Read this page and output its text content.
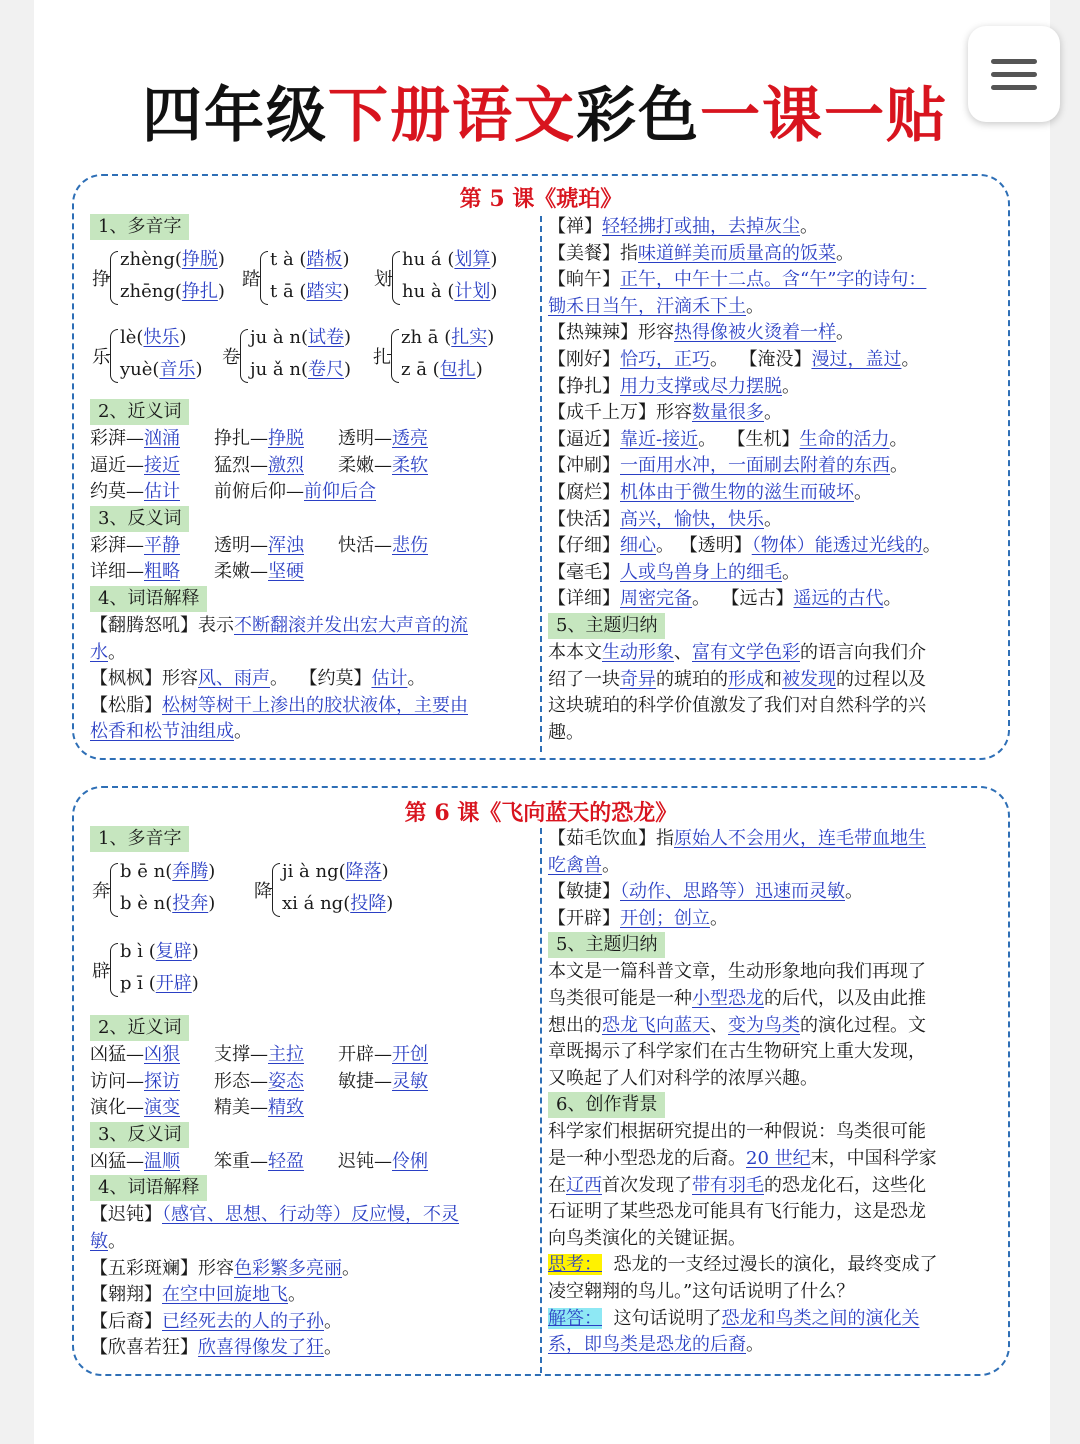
四年级下册语文彩色一课一贴
第 5 课《琥珀》
1、多音字
挣
zhèng(挣脱)
zhēng(挣扎)
踏
t à (踏板)
t ā (踏实)
划
hu á (划算)
hu à (计划)
乐
lè(快乐)
yuè(音乐)
卷
ju à n(试卷)
ju ǎ n(卷尺)
扎
zh ā (扎实)
z ā (包扎)
2、近义词
彩湃—汹涌 挣扎—挣脱 透明—透亮
逼近—接近 猛烈—激烈 柔嫩—柔软
约莫—估计 前俯后仰—前仰后合
3、反义词
彩湃—平静 透明—浑浊 快活—悲伤
详细—粗略 柔嫩—坚硬
4、词语解释

【翻腾怒吼】表示不断翻滚并发出宏大声音的流

水。

【枫枫】形容风、雨声。 【约莫】估计。

【松脂】松树等树干上渗出的胶状液体，主要由

松香和松节油组成。

【禅】轻轻拂打或抽，去掉灰尘。

【美餐】指味道鲜美而质量高的饭菜。

【晌午】正午，中午十二点。含“午”字的诗句：

锄禾日当午，汗滴禾下土。

【热辣辣】形容热得像被火烫着一样。

【刚好】恰巧，正巧。 【淹没】漫过，盖过。

【挣扎】用力支撑或尽力摆脱。

【成千上万】形容数量很多。

【逼近】靠近-接近。 【生机】生命的活力。

【冲刷】一面用水冲，一面刷去附着的东西。

【腐烂】机体由于微生物的滋生而破坏。

【快活】高兴，愉快，快乐。

【仔细】细心。 【透明】（物体）能透过光线的。

【毫毛】人或鸟兽身上的细毛。

【详细】周密完备。 【远古】遥远的古代。

5、主题归纳

本本文生动形象、富有文学色彩的语言向我们介

绍了一块奇异的琥珀的形成和被发现的过程以及

这块琥珀的科学价值激发了我们对自然科学的兴

趣。

第 6 课《飞向蓝天的恐龙》
1、多音字
奔
b ē n(奔腾)
b è n(投奔)
降
ji à ng(降落)
xi á ng(投降)
辟
b ì (复辟)
p ī (开辟)
2、近义词
凶猛—凶狠 支撑—主拉 开辟—开创
访问—探访 形态—姿态 敏捷—灵敏
演化—演变 精美—精致
3、反义词
凶猛—温顺 笨重—轻盈 迟钝—伶俐
4、词语解释

【迟钝】（感官、思想、行动等）反应慢，不灵

敏。

【五彩斑斓】形容色彩繁多亮丽。

【翱翔】在空中回旋地飞。

【后裔】已经死去的人的子孙。

【欣喜若狂】欣喜得像发了狂。

【茹毛饮血】指原始人不会用火，连毛带血地生

吃禽兽。

【敏捷】（动作、思路等）迅速而灵敏。

【开辟】开创；创立。

5、主题归纳

本文是一篇科普文章，生动形象地向我们再现了

鸟类很可能是一种小型恐龙的后代，以及由此推

想出的恐龙飞向蓝天、变为鸟类的演化过程。文

章既揭示了科学家们在古生物研究上重大发现，

又唤起了人们对科学的浓厚兴趣。

6、创作背景

科学家们根据研究提出的一种假说：鸟类很可能

是一种小型恐龙的后裔。20 世纪末，中国科学家

在辽西首次发现了带有羽毛的恐龙化石，这些化

石证明了某些恐龙可能具有飞行能力，这是恐龙

向鸟类演化的关键证据。

思考： 恐龙的一支经过漫长的演化，最终变成了

凌空翱翔的鸟儿。”这句话说明了什么？

解答： 这句话说明了恐龙和鸟类之间的演化关

系，即鸟类是恐龙的后裔。
